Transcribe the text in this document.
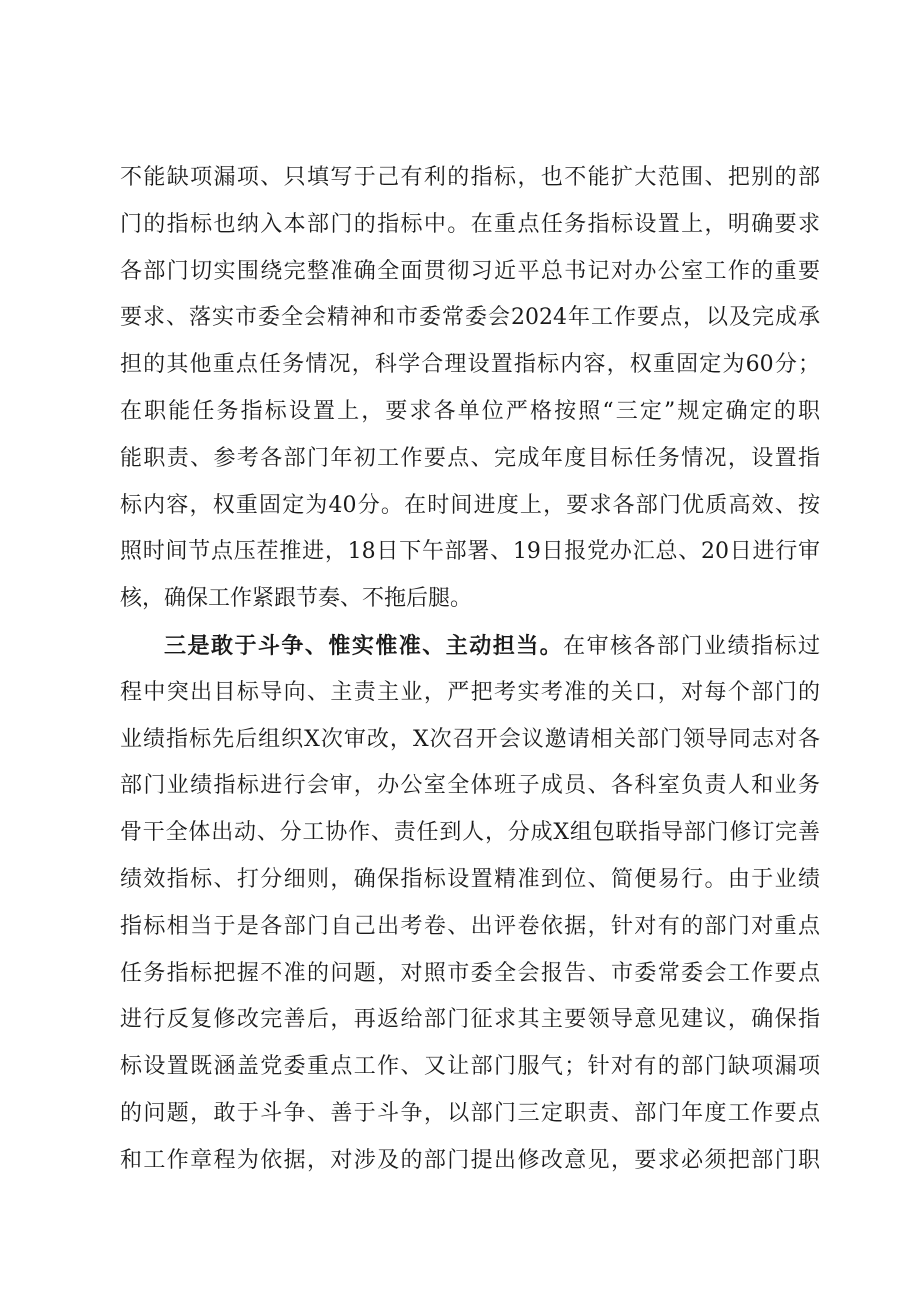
不能缺项漏项、只填写于己有利的指标，也不能扩大范围、把别的部
门的指标也纳入本部门的指标中。在重点任务指标设置上，明确要求
各部门切实围绕完整准确全面贯彻习近平总书记对办公室工作的重要
要求、落实市委全会精神和市委常委会2024年工作要点，以及完成承
担的其他重点任务情况，科学合理设置指标内容，权重固定为60分；
在职能任务指标设置上，要求各单位严格按照“三定”规定确定的职
能职责、参考各部门年初工作要点、完成年度目标任务情况，设置指
标内容，权重固定为40分。在时间进度上，要求各部门优质高效、按
照时间节点压茬推进，18日下午部署、19日报党办汇总、20日进行审
核，确保工作紧跟节奏、不拖后腿。
三是敢于斗争、惟实惟准、主动担当。在审核各部门业绩指标过
程中突出目标导向、主责主业，严把考实考准的关口，对每个部门的
业绩指标先后组织X次审改，X次召开会议邀请相关部门领导同志对各
部门业绩指标进行会审，办公室全体班子成员、各科室负责人和业务
骨干全体出动、分工协作、责任到人，分成X组包联指导部门修订完善
绩效指标、打分细则，确保指标设置精准到位、简便易行。由于业绩
指标相当于是各部门自己出考卷、出评卷依据，针对有的部门对重点
任务指标把握不准的问题，对照市委全会报告、市委常委会工作要点
进行反复修改完善后，再返给部门征求其主要领导意见建议，确保指
标设置既涵盖党委重点工作、又让部门服气；针对有的部门缺项漏项
的问题，敢于斗争、善于斗争，以部门三定职责、部门年度工作要点
和工作章程为依据，对涉及的部门提出修改意见，要求必须把部门职
